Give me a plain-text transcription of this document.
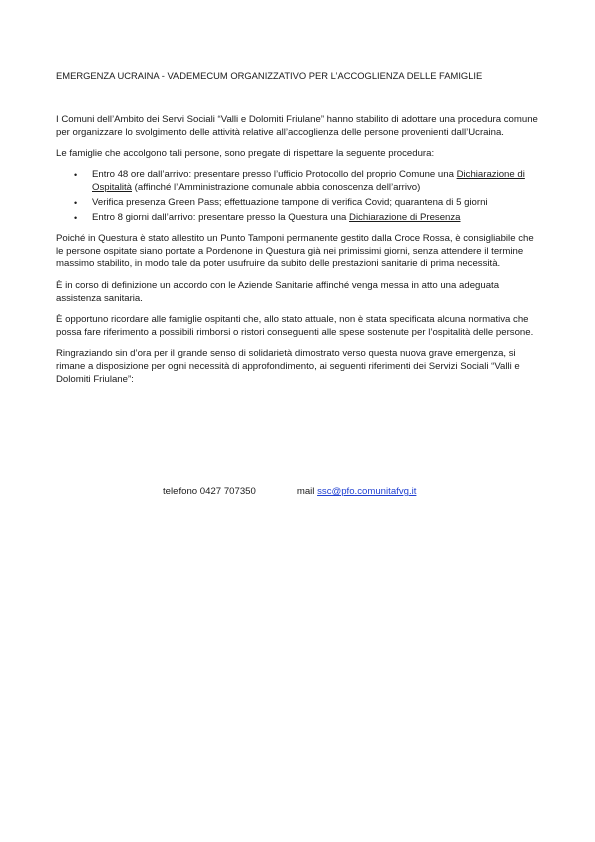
EMERGENZA UCRAINA - VADEMECUM ORGANIZZATIVO PER L’ACCOGLIENZA DELLE FAMIGLIE

I Comuni dell’Ambito dei Servi Sociali “Valli e Dolomiti Friulane” hanno stabilito di adottare una procedura comune per organizzare lo svolgimento delle attività relative all’accoglienza delle persone provenienti dall’Ucraina.

Le famiglie che accolgono tali persone, sono pregate di rispettare la seguente procedura:

• Entro 48 ore dall’arrivo: presentare presso l’ufficio Protocollo del proprio Comune una Dichiarazione di Ospitalità (affinché l’Amministrazione comunale abbia conoscenza dell’arrivo)
• Verifica presenza Green Pass; effettuazione tampone di verifica Covid; quarantena di 5 giorni
• Entro 8 giorni dall’arrivo: presentare presso la Questura una Dichiarazione di Presenza

Poiché in Questura è stato allestito un Punto Tamponi permanente gestito dalla Croce Rossa, è consigliabile che le persone ospitate siano portate a Pordenone in Questura già nei primissimi giorni, senza attendere il termine massimo stabilito, in modo tale da poter usufruire da subito delle prestazioni sanitarie di prima necessità.

È in corso di definizione un accordo con le Aziende Sanitarie affinché venga messa in atto una adeguata assistenza sanitaria.

È opportuno ricordare alle famiglie ospitanti che, allo stato attuale, non è stata specificata alcuna normativa che possa fare riferimento a possibili rimborsi o ristori conseguenti alle spese sostenute per l’ospitalità delle persone.

Ringraziando sin d’ora per il grande senso di solidarietà dimostrato verso questa nuova grave emergenza, si rimane a disposizione per ogni necessità di approfondimento, ai seguenti riferimenti dei Servizi Sociali “Valli e Dolomiti Friulane”:

telefono 0427 707350	mail ssc@pfo.comunitafvg.it
